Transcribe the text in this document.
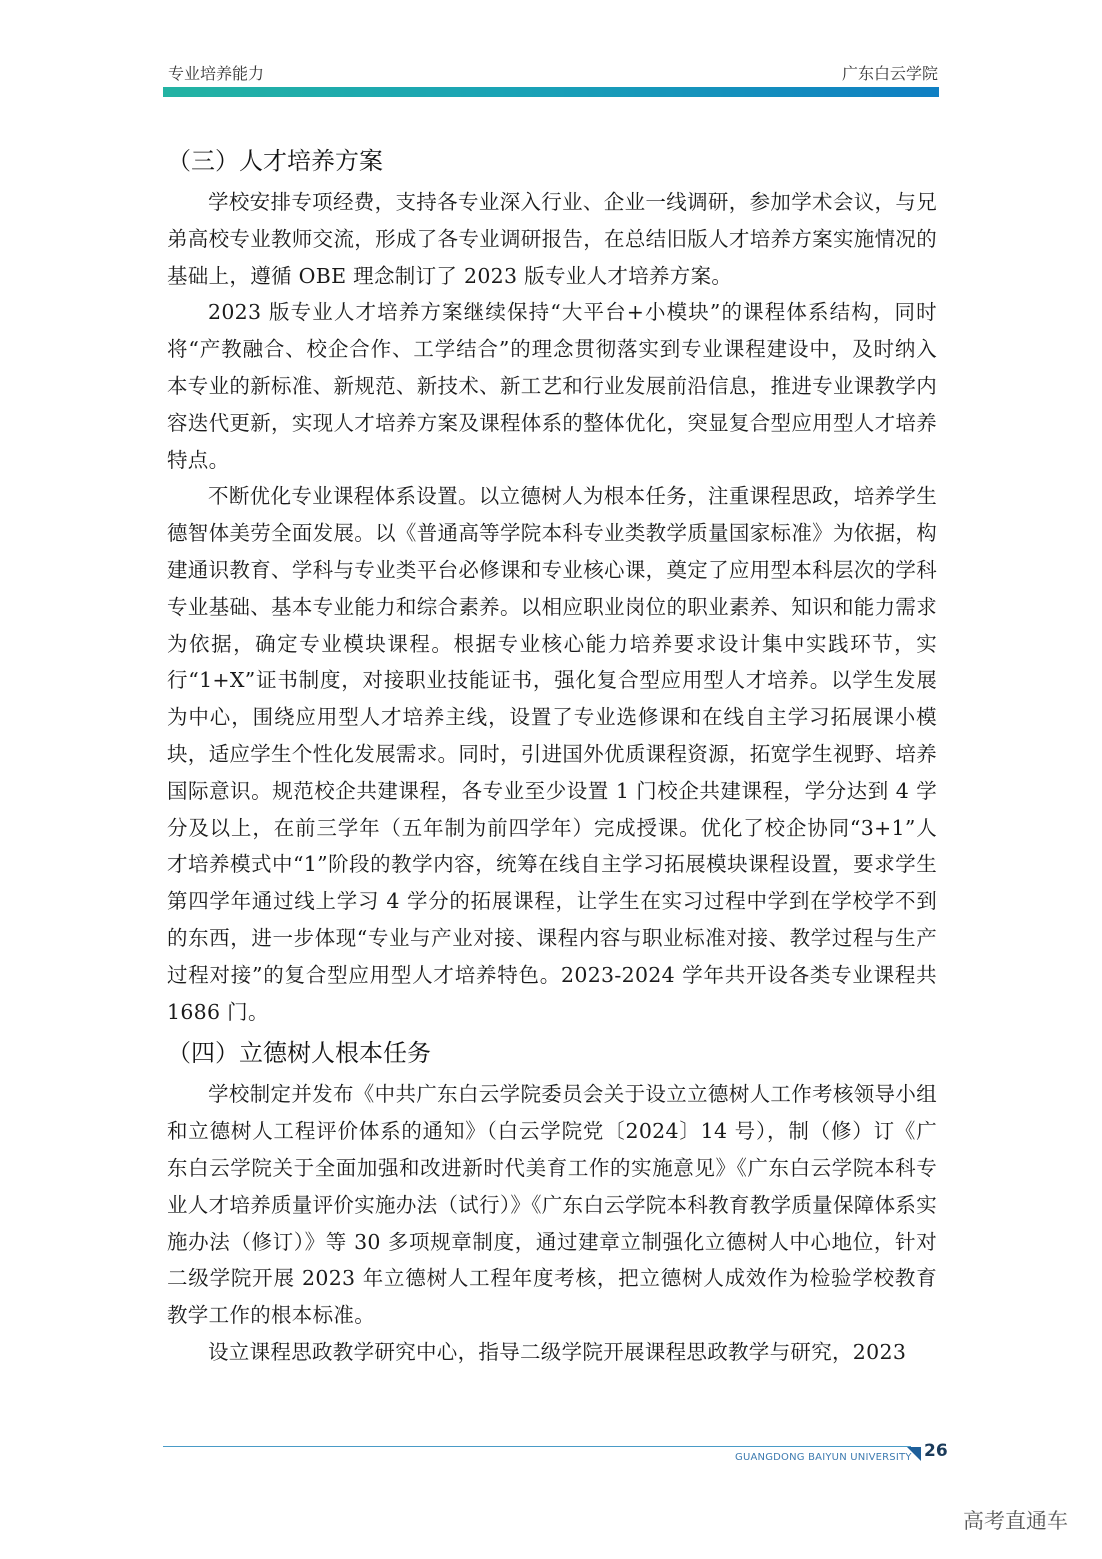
专业培养能力	广东白云学院
（三）人才培养方案

学校安排专项经费，支持各专业深入行业、企业一线调研，参加学术会议，与兄弟高校专业教师交流，形成了各专业调研报告，在总结旧版人才培养方案实施情况的基础上，遵循 OBE 理念制订了 2023 版专业人才培养方案。

2023 版专业人才培养方案继续保持“大平台+小模块”的课程体系结构，同时将“产教融合、校企合作、工学结合”的理念贯彻落实到专业课程建设中，及时纳入本专业的新标准、新规范、新技术、新工艺和行业发展前沿信息，推进专业课教学内容迭代更新，实现人才培养方案及课程体系的整体优化，突显复合型应用型人才培养特点。

不断优化专业课程体系设置。以立德树人为根本任务，注重课程思政，培养学生德智体美劳全面发展。以《普通高等学院本科专业类教学质量国家标准》为依据，构建通识教育、学科与专业类平台必修课和专业核心课，奠定了应用型本科层次的学科专业基础、基本专业能力和综合素养。以相应职业岗位的职业素养、知识和能力需求为依据，确定专业模块课程。根据专业核心能力培养要求设计集中实践环节，实行“1+X”证书制度，对接职业技能证书，强化复合型应用型人才培养。以学生发展为中心，围绕应用型人才培养主线，设置了专业选修课和在线自主学习拓展课小模块，适应学生个性化发展需求。同时，引进国外优质课程资源，拓宽学生视野、培养国际意识。规范校企共建课程，各专业至少设置 1 门校企共建课程，学分达到 4 学分及以上，在前三学年（五年制为前四学年）完成授课。优化了校企协同“3+1”人才培养模式中“1”阶段的教学内容，统筹在线自主学习拓展模块课程设置，要求学生第四学年通过线上学习 4 学分的拓展课程，让学生在实习过程中学到在学校学不到的东西，进一步体现“专业与产业对接、课程内容与职业标准对接、教学过程与生产过程对接”的复合型应用型人才培养特色。2023-2024 学年共开设各类专业课程共 1686 门。

（四）立德树人根本任务

学校制定并发布《中共广东白云学院委员会关于设立立德树人工作考核领导小组和立德树人工程评价体系的通知》（白云学院党〔2024〕14 号），制（修）订《广东白云学院关于全面加强和改进新时代美育工作的实施意见》《广东白云学院本科专业人才培养质量评价实施办法（试行）》《广东白云学院本科教育教学质量保障体系实施办法（修订）》等 30 多项规章制度，通过建章立制强化立德树人中心地位，针对二级学院开展 2023 年立德树人工程年度考核，把立德树人成效作为检验学校教育教学工作的根本标准。

设立课程思政教学研究中心，指导二级学院开展课程思政教学与研究，2023

GUANGDONG BAIYUN UNIVERSITY 26
高考直通车
